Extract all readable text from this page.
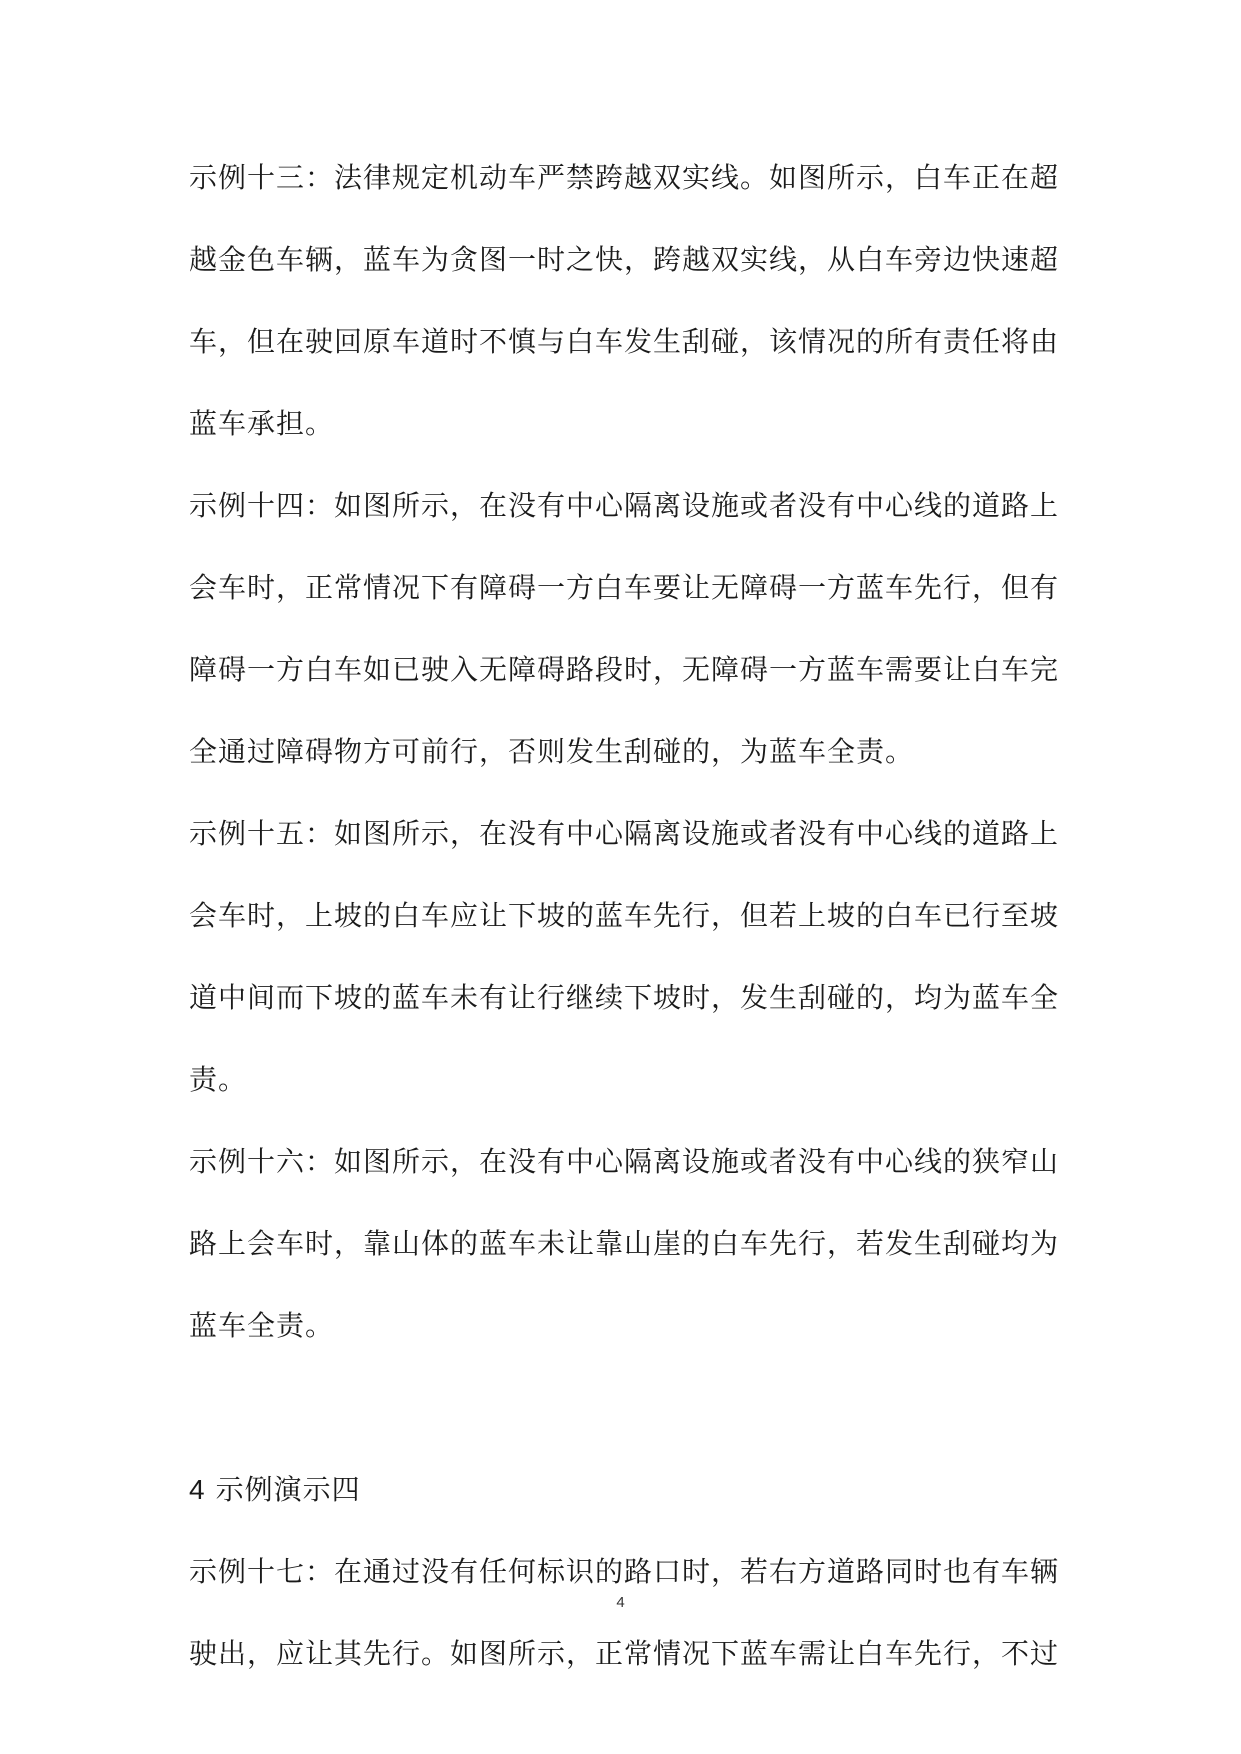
示例十三：法律规定机动车严禁跨越双实线。如图所示，白车正在超
越金色车辆，蓝车为贪图一时之快，跨越双实线，从白车旁边快速超
车，但在驶回原车道时不慎与白车发生刮碰，该情况的所有责任将由
蓝车承担。
示例十四：如图所示，在没有中心隔离设施或者没有中心线的道路上
会车时，正常情况下有障碍一方白车要让无障碍一方蓝车先行，但有
障碍一方白车如已驶入无障碍路段时，无障碍一方蓝车需要让白车完
全通过障碍物方可前行，否则发生刮碰的，为蓝车全责。
示例十五：如图所示，在没有中心隔离设施或者没有中心线的道路上
会车时，上坡的白车应让下坡的蓝车先行，但若上坡的白车已行至坡
道中间而下坡的蓝车未有让行继续下坡时，发生刮碰的，均为蓝车全
责。
示例十六：如图所示，在没有中心隔离设施或者没有中心线的狭窄山
路上会车时，靠山体的蓝车未让靠山崖的白车先行，若发生刮碰均为
蓝车全责。
4 示例演示四
示例十七：在通过没有任何标识的路口时，若右方道路同时也有车辆
驶出，应让其先行。如图所示，正常情况下蓝车需让白车先行，不过
4
